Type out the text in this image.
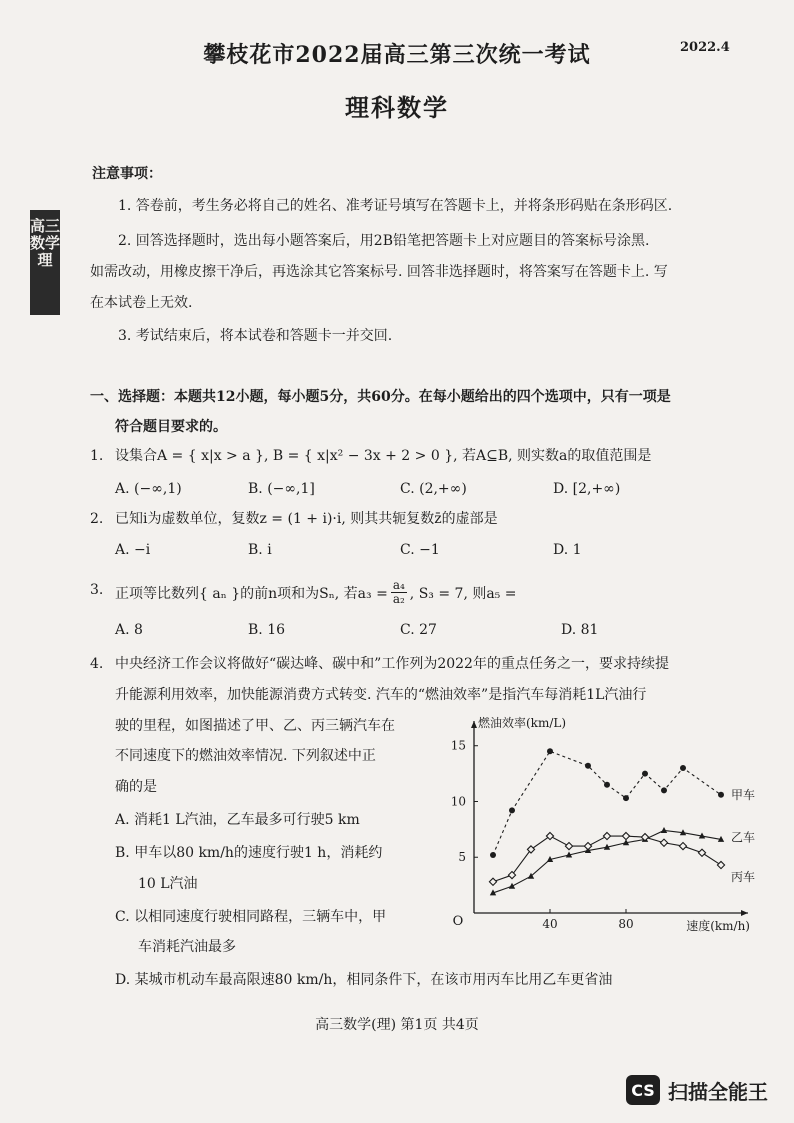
攀枝花市2022届高三第三次统一考试	2022.4
理科数学
高三数学理
注意事项：
1. 答卷前，考生务必将自己的姓名、准考证号填写在答题卡上，并将条形码贴在条形码区.
2. 回答选择题时，选出每小题答案后，用2B铅笔把答题卡上对应题目的答案标号涂黑.
如需改动，用橡皮擦干净后，再选涂其它答案标号. 回答非选择题时，将答案写在答题卡上. 写
在本试卷上无效.
3. 考试结束后，将本试卷和答题卡一并交回.
一、选择题：本题共12小题，每小题5分，共60分。在每小题给出的四个选项中，只有一项是
符合题目要求的。
1. 设集合A = { x|x > a }, B = { x|x² − 3x + 2 > 0 }, 若A⊆B, 则实数a的取值范围是
A. (−∞,1)	B. (−∞,1]	C. (2,+∞)	D. [2,+∞)
2. 已知i为虚数单位，复数z = (1 + i)·i, 则其共轭复数z̄的虚部是
A. −i	B. i	C. −1	D. 1
3. 正项等比数列{ aₙ }的前n项和为Sₙ, 若$a_3 = \frac{\text{a₄}}{\text{a₂}}$ , S₃ = 7, 则a₅ =
A. 8	B. 16	C. 27	D. 81
4. 中央经济工作会议将做好“碳达峰、碳中和”工作列为2022年的重点任务之一，要求持续提
升能源利用效率，加快能源消费方式转变. 汽车的“燃油效率”是指汽车每消耗1L汽油行
驶的里程，如图描述了甲、乙、丙三辆汽车在
不同速度下的燃油效率情况. 下列叙述中正
确的是
A. 消耗1 L汽油，乙车最多可行驶5 km
B. 甲车以80 km/h的速度行驶1 h，消耗约
10 L汽油
C. 以相同速度行驶相同路程，三辆车中，甲
车消耗汽油最多
D. 某城市机动车最高限速80 km/h，相同条件下，在该市用丙车比用乙车更省油
燃油效率(km/L)
速度(km/h)
O
5
10
15
40	80
甲车
乙车
丙车
高三数学(理) 第1页 共4页
CS 扫描全能王
